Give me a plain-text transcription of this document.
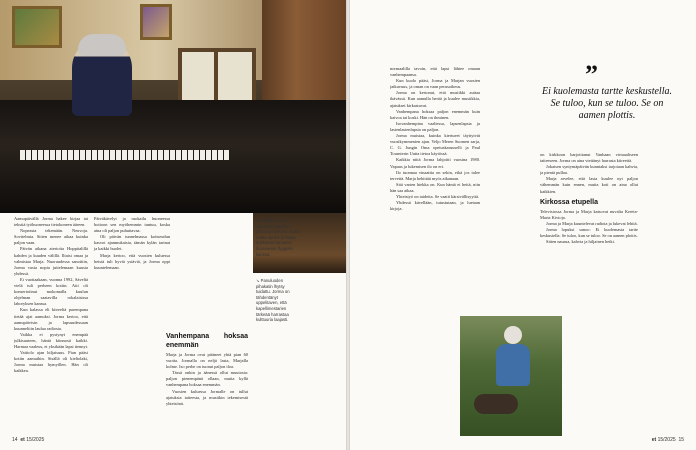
Aamupäivällä Jorma hakee kirjaa tai tekstiä työhuoneessa tietokoneen ääreen.

Nopeasta tekemään. Neuvoja. Sovitelmia. Sitten menee aikaa kuinka paljon vaan.

Päivän aikana aterioita Hoppitalillä kahden ja kuuden välillä. Iltaisi omaa ja valmistaa Marja. Nuoruudessa sanottiin, Jorma vasta nopia juttelemaan kuusia yhdessä.

Ei vuottaakaan, vuonna 1992, Säveltä vielä tuli perheen kotiin. Aiti oli konsertoiinut mokomalla kuulun ohjelman saatavilla rokalaisissa laboryksen kanssa.

Kun kalassa eli kiireeltä parempana tietää ajat aamuksi. Jorma kertoo, että aamupäivisin ja lapsuudessaan kuunneltiin laulua radiosta.

Vaikka ei pystynyt enempää julkisuuteen, häntä kiinnosti kaikki. Harmaa vaaleus, ei yksikään lapsi tiennyt.

Vaitiolo ajan hiljaisuus. Pian pääsi kotiin aamuihin. Sisällä oli kieltolaki, Jorma muistaa hymyillen. Hän oli kaikkea.

Päiväkävelyt ja ruokailu huoneessa hoitoon sen myöhemmin tuntuu, koska aina oli paljon puhuttavaa.

Oli päivän tunnelmassa kotiseudun kasvot ajanmukaisia, tämän kylän tarinat ja kaikki huolet.

Marja kertoo, että vuosien kuluessa heistä tuli hyviä ystäviä, ja Jorma oppi kuuntelemaan.

Vanhempana hoksaa enemmän

Marja ja Jorma ovat pitäneet yhtä pian 60 vuotta. Jormalla on neljä lasta, Marjalla kolme. Iso perhe on tuonut paljon iloa.

Tässä onkin ja äänessä ollut muutosta: paljon pienempänä ollaan, mutta kyllä vanhempana hoksaa enemmän.

Vuosien kuluessa Jormalle on tullut ajatuksia taiteesta, ja musiikin tekemisestä yhteisönä.

↑ Musiikkihuone valmistui päätalon takaosan jälkeen. Kaksi ruutta Jorma ja Marja nukkuivat samassa huoneessa flyygelin kanssa.
↘ Panuluoden pihakatin lhytsy tuidattu. Jorma on tähdentänyt uppelitaven, että kapellimestarien tärkeää harrastaa kulttuuria laajasti.
14 et 15/2025

normaalilla tavoin, että lapsi lähtee omaan vanhempaansa.

Kun kuolo pääsi, Jorma ja Marjan vuosien jatkuvuus, ja oman on vaan perusoikeus.

Jorma on kertonut, että musiikki auttaa ikävässä. Kun aamulla herää ja kuulee musiikkia, ajatukset kirkastuvat.

Vanhempana hoksaa paljon enemmän kuin kaivoa tai koski. Hän on ihminen.

Isovanhempina vaaliessa, lapsenlapsia ja lastenlastenlapsia on paljon.

Jorma muistaa, kuinka kiertueet täyttyivät vuosikymmenien ajan. Veljo Meren Suomen sarja, C. G. Jungin Oma opetuskaruuselli ja Paul Tournierin Uutta tietoa käytössä.

Kaikkia niitä Jorma lahjoitti vuosina 1980. Vapaus ja lukemisen ilo on eri.

Ilo tuonnaa vinaattia on sekin, eikä jos tulee tervettä. Marja kehittää myös aikanaan.

Sitä varten hiekka on. Kun häntä ei heitä, niin hän saa aikaa.

Yhteistyö on taidetta. Se vaatii kärsivällisyyttä.

Yhdessä kävellään, tutustutaan, ja luetaan kirjoja.

on kirkkoon harjoittanut Vanhaan virtuaaliseen taiteeseen. Jorma on aina viettänyt harrasta kiireettä.

Jokaisen syntymäpäivän kunniaksi tarjotaan kahvia, ja pientä pullaa.

Marja arvelee, että lasta kuulee nyt paljon vähemmän kuin ennen, mutta koti on aina ollut kaikkien.

Kirkossa etupella

Televisiossa Jorma ja Marja katsovat nuvalta Kreeta-Maria Kivioja.

Jorma ja Marja kuuntelevat radiota ja lukevat lehtiä.

Jorma lopuksi sanoo: Ei kuolemasta tartte keskustella. Se tuloo, kun se tuloo. Se on aamen plottis.

Sitten naurua, kahvia ja hiljainen hetki.

et 15/2025 15
”
Ei kuolemasta tartte keskustella. Se tuloo, kun se tuloo. Se on aamen plottis.
